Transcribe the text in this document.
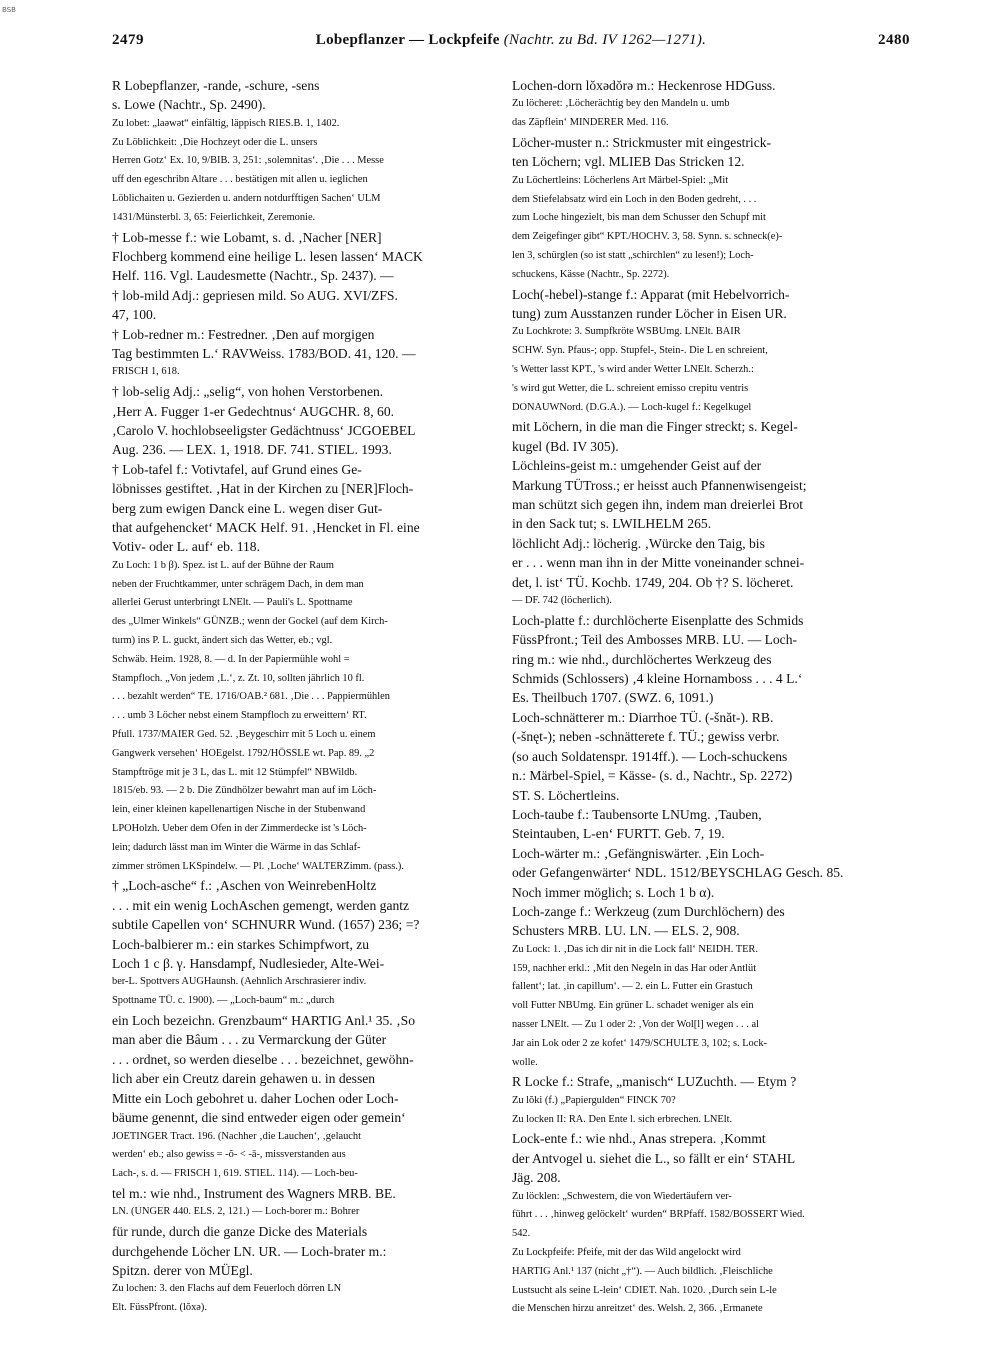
BSB
2479	Lobepflanzer — Lockpfeife (Nachtr. zu Bd. IV 1262—1271).	2480
R Lobepflanzer, -rande, -schure, -sens
s. Lowe (Nachtr., Sp. 2490).
Zu lobet: „laəwət“ einfältig, läppisch RIES.B. 1, 1402.
Zu Löblichkeit: ‚Die Hochzeyt oder die L. unsers
Herren Gotz‘ Ex. 10, 9/BIB. 3, 251: ‚solemnitas‘. ‚Die . . . Messe
uff den egeschribn Altare . . . bestätigen mit allen u. ieglichen
Löblichaiten u. Gezierden u. andern notdurfftigen Sachen‘ ULM
1431/Münsterbl. 3, 65: Feierlichkeit, Zeremonie.
† Lob-messe f.: wie Lobamt, s. d. ‚Nacher [NER]
Flochberg kommend eine heilige L. lesen lassen‘ MACK
Helf. 116. Vgl. Laudesmette (Nachtr., Sp. 2437). —
† lob-mild Adj.: gepriesen mild. So AUG. XVI/ZFS.
47, 100.
† Lob-redner m.: Festredner. ‚Den auf morgigen
Tag bestimmten L.‘ RAVWeiss. 1783/BOD. 41, 120. —
FRISCH 1, 618.
† lob-selig Adj.: „selig“, von hohen Verstorbenen.
‚Herr A. Fugger 1-er Gedechtnus‘ AUGCHR. 8, 60.
‚Carolo V. hochlobseeligster Gedächtnuss‘ JCGOEBEL
Aug. 236. — LEX. 1, 1918. DF. 741. STIEL. 1993.
† Lob-tafel f.: Votivtafel, auf Grund eines Ge-
löbnisses gestiftet. ‚Hat in der Kirchen zu [NER]Floch-
berg zum ewigen Danck eine L. wegen diser Gut-
that aufgehencket‘ MACK Helf. 91. ‚Hencket in Fl. eine
Votiv- oder L. auf‘ eb. 118.
Zu Loch: 1 b β). Spez. ist L. auf der Bühne der Raum
neben der Fruchtkammer, unter schrägem Dach, in dem man
allerlei Gerust unterbringt LNElt. — Pauli's L. Spottname
des „Ulmer Winkels“ GÜNZB.; wenn der Gockel (auf dem Kirch-
turm) ins P. L. guckt, ändert sich das Wetter, eb.; vgl.
Schwäb. Heim. 1928, 8. — d. In der Papiermühle wohl =
Stampfloch. „Von jedem ‚L.‘, z. Zt. 10, sollten jährlich 10 fl.
. . . bezahlt werden“ TE. 1716/OAB.² 681. ‚Die . . . Pappiermühlen
. . . umb 3 Löcher nebst einem Stampfloch zu erweittern‘ RT.
Pfull. 1737/MAIER Ged. 52. ‚Beygeschirr mit 5 Loch u. einem
Gangwerk versehen‘ HOEgelst. 1792/HÖSSLE wt. Pap. 89. „2
Stampftröge mit je 3 L, das L. mit 12 Stümpfel“ NBWildb.
1815/eb. 93. — 2 b. Die Zündhölzer bewahrt man auf im Löch-
lein, einer kleinen kapellenartigen Nische in der Stubenwand
LPOHolzh. Ueber dem Ofen in der Zimmerdecke ist 's Löch-
lein; dadurch lässt man im Winter die Wärme in das Schlaf-
zimmer strömen LKSpindelw. — Pl. ‚Loche‘ WALTERZimm. (pass.).
† „Loch-asche“ f.: ‚Aschen von WeinrebenHoltz
. . . mit ein wenig LochAschen gemengt, werden gantz
subtile Capellen von‘ SCHNURR Wund. (1657) 236; =?
Loch-balbierer m.: ein starkes Schimpfwort, zu
Loch 1 c β. γ. Hansdampf, Nudlesieder, Alte-Wei-
ber-L. Spottvers AUGHaunsh. (Aehnlich Arschrasierer indiv.
Spottname TÜ. c. 1900). — „Loch-baum“ m.: „durch
ein Loch bezeichn. Grenzbaum“ HARTIG Anl.¹ 35. ‚So
man aber die Bâum . . . zu Vermarckung der Güter
. . . ordnet, so werden dieselbe . . . bezeichnet, gewöhn-
lich aber ein Creutz darein gehawen u. in dessen
Mitte ein Loch gebohret u. daher Lochen oder Loch-
bäume genennt, die sind entweder eigen oder gemein‘
JOETINGER Tract. 196. (Nachher ‚die Lauchen‘, ‚gelaucht
werden‘ eb.; also gewiss = -ŏ- < -ā-, missverstanden aus
Lach-, s. d. — FRISCH 1, 619. STIEL. 114). — Loch-beu-
tel m.: wie nhd., Instrument des Wagners MRB. BE.
LN. (UNGER 440. ELS. 2, 121.) — Loch-borer m.: Bohrer
für runde, durch die ganze Dicke des Materials
durchgehende Löcher LN. UR. — Loch-brater m.:
Spitzn. derer von MÜEgl.
Zu lochen: 3. den Flachs auf dem Feuerloch dörren LN
Elt. FüssPfront. (lŏxə).
Lochen-dorn lŏxədŏrə m.: Heckenrose HDGuss.
Zu löcheret: ‚Löcherächtig bey den Mandeln u. umb
das Zäpflein‘ MINDERER Med. 116.
Löcher-muster n.: Strickmuster mit eingestrick-
ten Löchern; vgl. MLIEB Das Stricken 12.
Zu Löchertleins: Löcherlens Art Märbel-Spiel: „Mit
dem Stiefelabsatz wird ein Loch in den Boden gedreht, . . .
zum Loche hingezielt, bis man dem Schusser den Schupf mit
dem Zeigefinger gibt“ KPT./HOCHV. 3, 58. Synn. s. schneck(e)-
len 3, schürglen (so ist statt „schirchlen“ zu lesen!); Loch-
schuckens, Kässe (Nachtr., Sp. 2272).
Loch(-hebel)-stange f.: Apparat (mit Hebelvorrich-
tung) zum Ausstanzen runder Löcher in Eisen UR.
Zu Lochkrote: 3. Sumpfkröte WSBUmg. LNElt. BAIR
SCHW. Syn. Pfaus-; opp. Stupfel-, Stein-. Die L en schreient,
's Wetter lasst KPT., 's wird ander Wetter LNElt. Scherzh.:
's wird gut Wetter, die L. schreient emisso crepitu ventris
DONAUWNord. (D.G.A.). — Loch-kugel f.: Kegelkugel
mit Löchern, in die man die Finger streckt; s. Kegel-
kugel (Bd. IV 305).
Löchleins-geist m.: umgehender Geist auf der
Markung TÜTross.; er heisst auch Pfannenwisengeist;
man schützt sich gegen ihn, indem man dreierlei Brot
in den Sack tut; s. LWILHELM 265.
löchlicht Adj.: löcherig. ‚Würcke den Taig, bis
er . . . wenn man ihn in der Mitte voneinander schnei-
det, l. ist‘ TÜ. Kochb. 1749, 204. Ob †? S. löcheret.
— DF. 742 (löcherlich).
Loch-platte f.: durchlöcherte Eisenplatte des Schmids
FüssPfront.; Teil des Ambosses MRB. LU. — Loch-
ring m.: wie nhd., durchlöchertes Werkzeug des
Schmids (Schlossers) ‚4 kleine Hornamboss . . . 4 L.‘
Es. Theilbuch 1707. (SWZ. 6, 1091.)
Loch-schnätterer m.: Diarrhoe TÜ. (-šnăt-). RB.
(-šnęt-); neben -schnätterete f. TÜ.; gewiss verbr.
(so auch Soldatenspr. 1914ff.). — Loch-schuckens
n.: Märbel-Spiel, = Kässe- (s. d., Nachtr., Sp. 2272)
ST. S. Löchertleins.
Loch-taube f.: Taubensorte LNUmg. ‚Tauben,
Steintauben, L-en‘ FURTT. Geb. 7, 19.
Loch-wärter m.: ‚Gefängniswärter. ‚Ein Loch-
oder Gefangenwärter‘ NDL. 1512/BEYSCHLAG Gesch. 85.
Noch immer möglich; s. Loch 1 b α).
Loch-zange f.: Werkzeug (zum Durchlöchern) des
Schusters MRB. LU. LN. — ELS. 2, 908.
Zu Lock: 1. ‚Das ich dir nit in die Lock fall‘ NEIDH. TER.
159, nachher erkl.: ‚Mit den Negeln in das Har oder Antlüt
fallent‘; lat. ‚in capillum‘. — 2. ein L. Futter ein Grastuch
voll Futter NBUmg. Ein grüner L. schadet weniger als ein
nasser LNElt. — Zu 1 oder 2: ‚Von der Wol[l] wegen . . . al
Jar ain Lok oder 2 ze kofet‘ 1479/SCHULTE 3, 102; s. Lock-
wolle.
R Locke f.: Strafe, „manisch“ LUZuchth. — Etym ?
Zu lŏki (f.) „Papiergulden“ FINCK 70?
Zu locken II: RA. Den Ente l. sich erbrechen. LNElt.
Lock-ente f.: wie nhd., Anas strepera. ‚Kommt
der Antvogel u. siehet die L., so fällt er ein‘ STAHL
Jäg. 208.
Zu löcklen: „Schwestern, die von Wiedertäufern ver-
führt . . . ‚hinweg gelöckelt‘ wurden“ BRPfaff. 1582/BOSSERT Wied.
542.
Zu Lockpfeife: Pfeife, mit der das Wild angelockt wird
HARTIG Anl.¹ 137 (nicht „†“). — Auch bildlich. ‚Fleischliche
Lustsucht als seine L-lein‘ CDIET. Nah. 1020. ‚Durch sein L-le
die Menschen hirzu anreitzet‘ des. Welsh. 2, 366. ‚Ermanete
